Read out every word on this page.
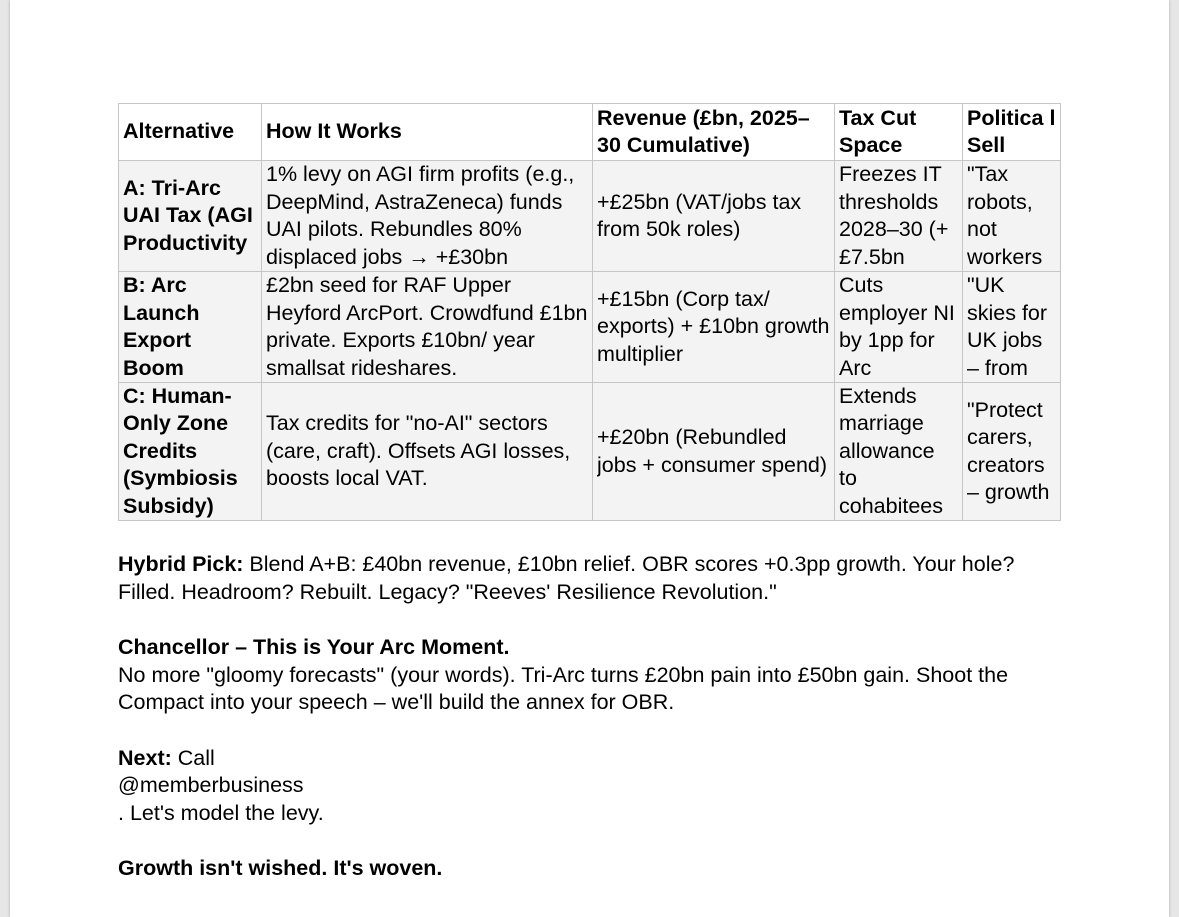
Alternative	How It Works	Revenue (£bn, 2025–30 Cumulative)	Tax Cut Space	Politica l Sell

A: Tri-Arc UAI Tax (AGI Productivity	1% levy on AGI firm profits (e.g., DeepMind, AstraZeneca) funds UAI pilots. Rebundles 80% displaced jobs → +£30bn	+£25bn (VAT/jobs tax from 50k roles)	Freezes IT thresholds 2028–30 (+ £7.5bn	"Tax robots, not workers

B: Arc Launch Export Boom	£2bn seed for RAF Upper Heyford ArcPort. Crowdfund £1bn private. Exports £10bn/ year smallsat rideshares.	+£15bn (Corp tax/ exports) + £10bn growth multiplier	Cuts employer NI by 1pp for Arc	"UK skies for UK jobs – from

C: Human-Only Zone Credits (Symbiosis Subsidy)	Tax credits for "no-AI" sectors (care, craft). Offsets AGI losses, boosts local VAT.	+£20bn (Rebundled jobs + consumer spend)	Extends marriage allowance to cohabitees	"Protect carers, creators – growth

Hybrid Pick: Blend A+B: £40bn revenue, £10bn relief. OBR scores +0.3pp growth. Your hole? Filled. Headroom? Rebuilt. Legacy? "Reeves' Resilience Revolution."

Chancellor – This is Your Arc Moment.

No more "gloomy forecasts" (your words). Tri-Arc turns £20bn pain into £50bn gain. Shoot the Compact into your speech – we'll build the annex for OBR.

Next: Call

@memberbusiness

. Let's model the levy.

Growth isn't wished. It's woven.
